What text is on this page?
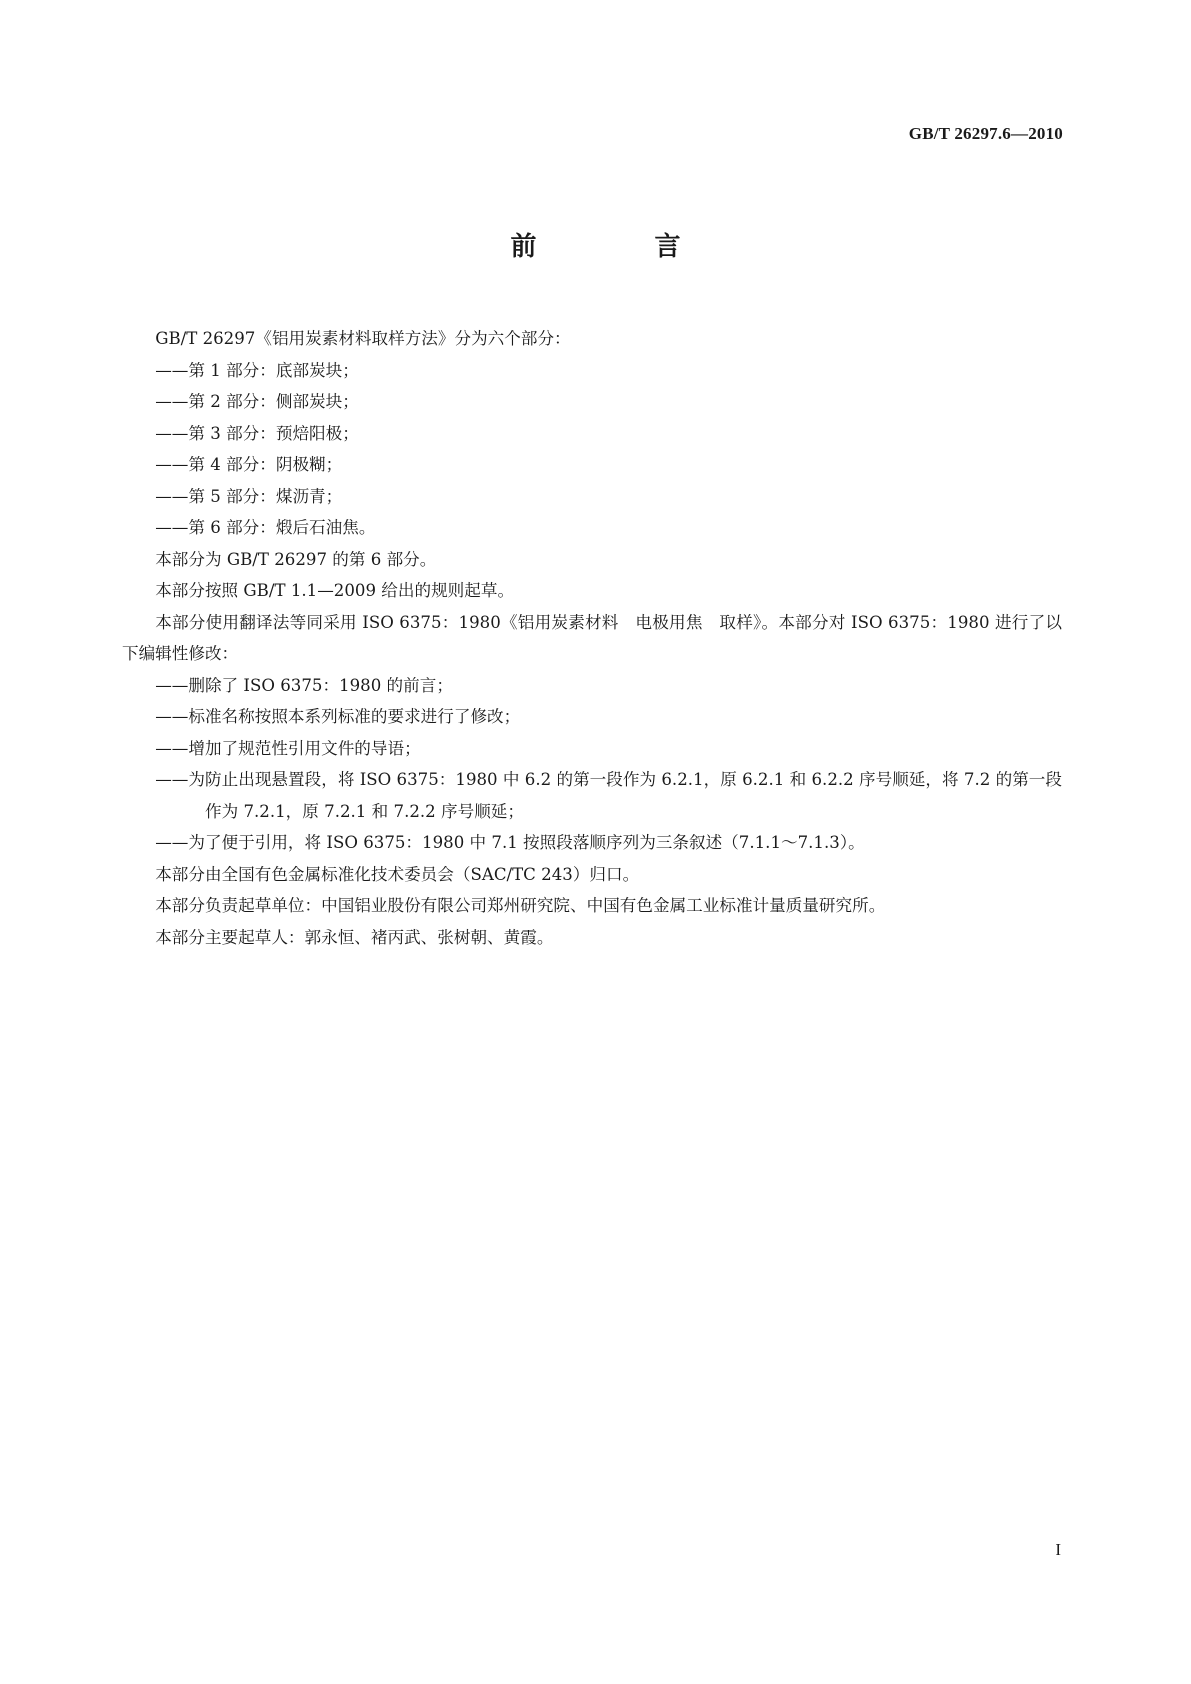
GB/T 26297.6—2010
前　言

GB/T 26297《铝用炭素材料取样方法》分为六个部分：

——第 1 部分：底部炭块；

——第 2 部分：侧部炭块；

——第 3 部分：预焙阳极；

——第 4 部分：阴极糊；

——第 5 部分：煤沥青；

——第 6 部分：煅后石油焦。

本部分为 GB/T 26297 的第 6 部分。

本部分按照 GB/T 1.1—2009 给出的规则起草。

本部分使用翻译法等同采用 ISO 6375：1980《铝用炭素材料　电极用焦　取样》。本部分对 ISO 6375：1980 进行了以下编辑性修改：

——删除了 ISO 6375：1980 的前言；

——标准名称按照本系列标准的要求进行了修改；

——增加了规范性引用文件的导语；

——为防止出现悬置段，将 ISO 6375：1980 中 6.2 的第一段作为 6.2.1，原 6.2.1 和 6.2.2 序号顺延，将 7.2 的第一段作为 7.2.1，原 7.2.1 和 7.2.2 序号顺延；

——为了便于引用，将 ISO 6375：1980 中 7.1 按照段落顺序列为三条叙述（7.1.1～7.1.3）。

本部分由全国有色金属标准化技术委员会（SAC/TC 243）归口。

本部分负责起草单位：中国铝业股份有限公司郑州研究院、中国有色金属工业标准计量质量研究所。

本部分主要起草人：郭永恒、褚丙武、张树朝、黄霞。

I
